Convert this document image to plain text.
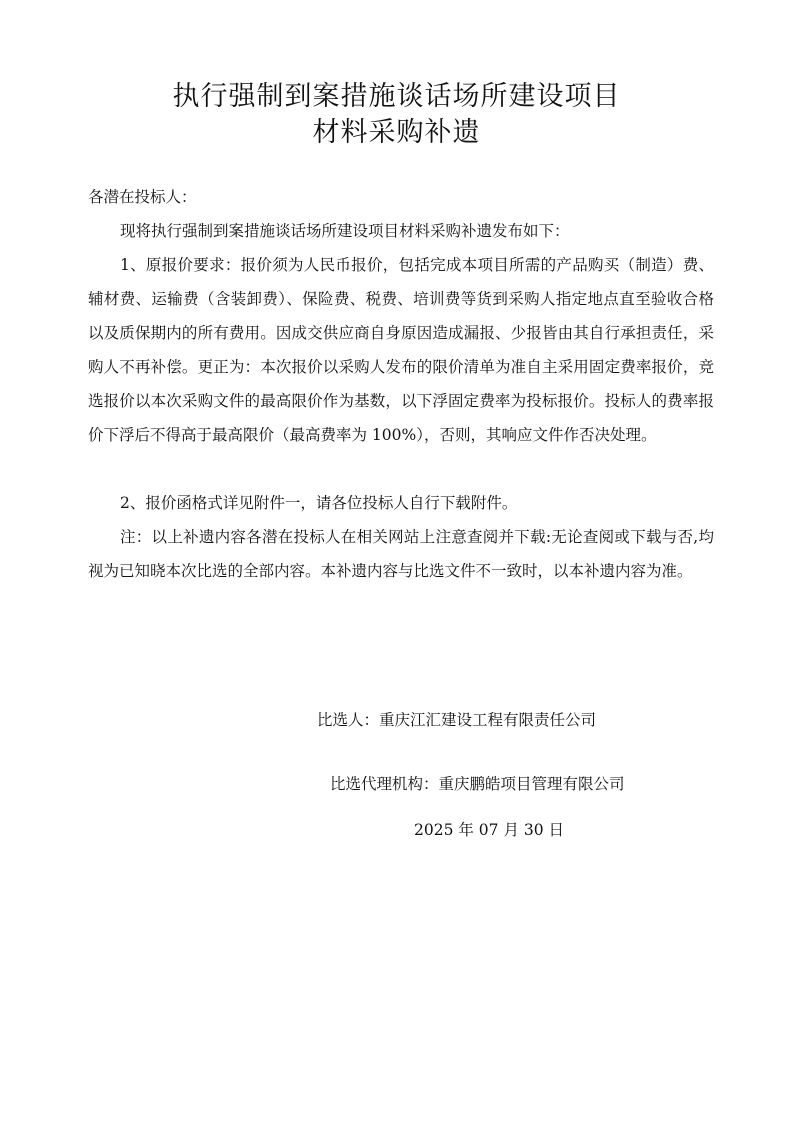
执行强制到案措施谈话场所建设项目
材料采购补遗
各潜在投标人：
现将执行强制到案措施谈话场所建设项目材料采购补遗发布如下：
1、原报价要求：报价须为人民币报价，包括完成本项目所需的产品购买（制造）费、辅材费、运输费（含装卸费）、保险费、税费、培训费等货到采购人指定地点直至验收合格以及质保期内的所有费用。因成交供应商自身原因造成漏报、少报皆由其自行承担责任，采购人不再补偿。更正为：本次报价以采购人发布的限价清单为准自主采用固定费率报价，竞选报价以本次采购文件的最高限价作为基数，以下浮固定费率为投标报价。投标人的费率报价下浮后不得高于最高限价（最高费率为 100%），否则，其响应文件作否决处理。
2、报价函格式详见附件一，请各位投标人自行下载附件。
注：以上补遗内容各潜在投标人在相关网站上注意查阅并下载:无论查阅或下载与否,均视为已知晓本次比选的全部内容。本补遗内容与比选文件不一致时，以本补遗内容为准。
比选人：重庆江汇建设工程有限责任公司
比选代理机构：重庆鹏皓项目管理有限公司
2025 年 07 月 30 日
